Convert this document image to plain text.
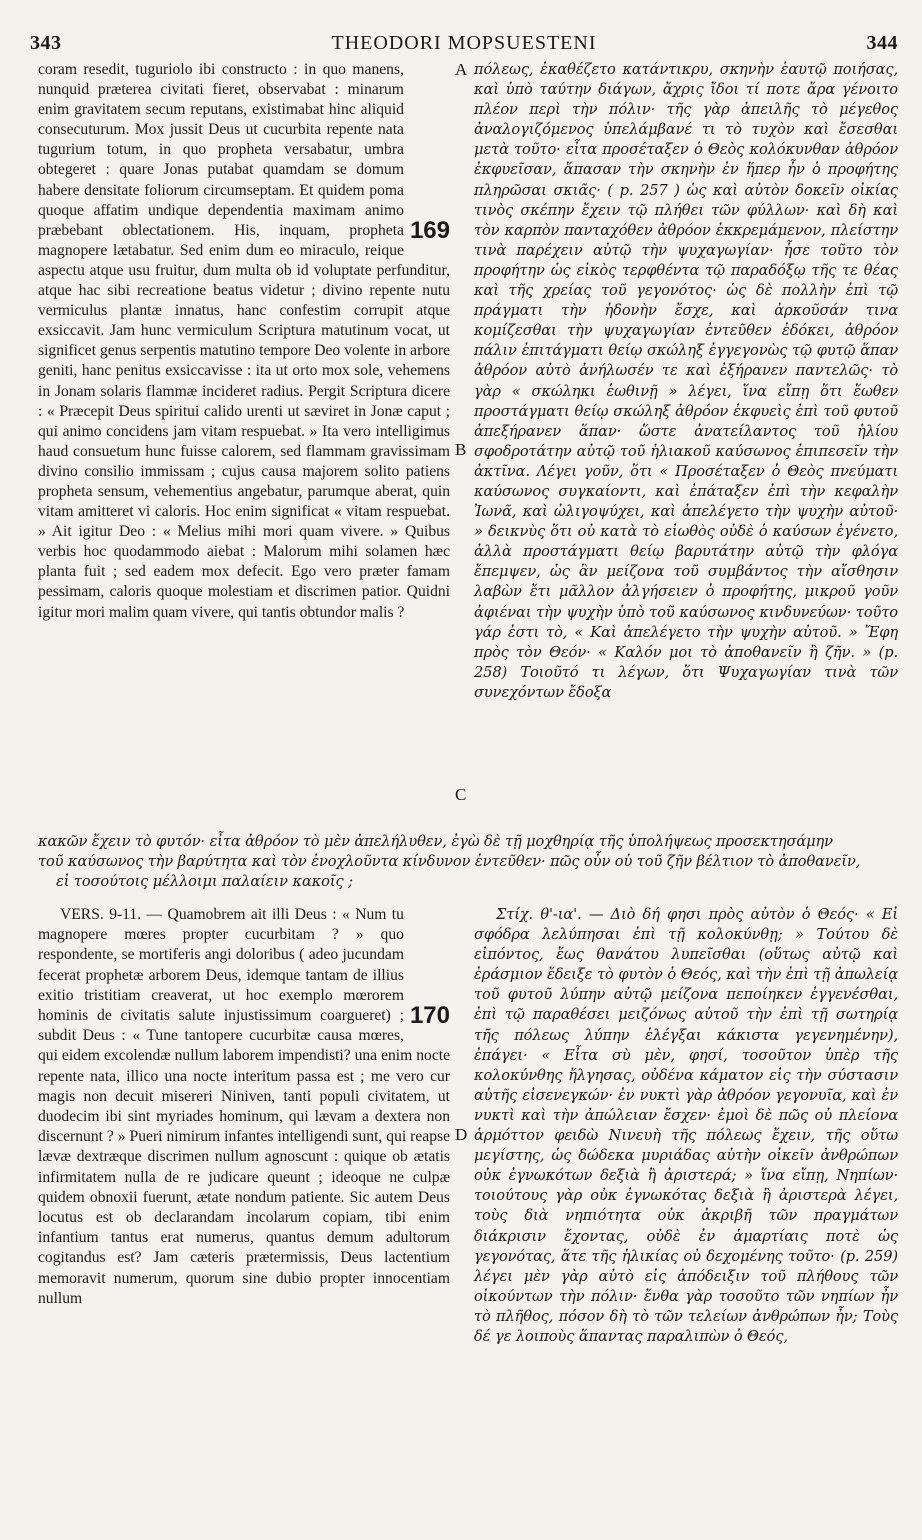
343	THEODORI MOPSUESTENI	344
169

coram resedit, tuguriolo ibi constructo : in quo manens, nunquid præterea civitati fieret, observabat : minarum enim gravitatem secum reputans, existimabat hinc aliquid consecuturum. Mox jussit Deus ut cucurbita repente nata tugurium totum, in quo propheta versabatur, umbra obtegeret : quare Jonas putabat quamdam se domum habere densitate foliorum circumseptam. Et quidem poma quoque affatim undique dependentia maximam animo præbebant oblectationem. His, inquam, propheta magnopere lætabatur. Sed enim dum eo miraculo, reique aspectu atque usu fruitur, dum multa ob id voluptate perfunditur, atque hac sibi recreatione beatus videtur ; divino repente nutu vermiculus plantæ innatus, hanc confestim corrupit atque exsiccavit. Jam hunc vermiculum Scriptura matutinum vocat, ut significet genus serpentis matutino tempore Deo volente in arbore geniti, hanc penitus exsiccavisse : ita ut orto mox sole, vehemens in Jonam solaris flammæ incideret radius. Pergit Scriptura dicere : « Præcepit Deus spiritui calido urenti ut sæviret in Jonæ caput ; qui animo concidens jam vitam respuebat. » Ita vero intelligimus haud consuetum hunc fuisse calorem, sed flammam gravissimam divino consilio immissam ; cujus causa majorem solito patiens propheta sensum, vehementius angebatur, parumque aberat, quin vitam amitteret vi caloris. Hoc enim significat « vitam respuebat. » Ait igitur Deo : « Melius mihi mori quam vivere. » Quibus verbis hoc quodammodo aiebat : Malorum mihi solamen hæc planta fuit ; sed eadem mox defecit. Ego vero præter famam pessimam, caloris quoque molestiam et discrimen patior. Quidni igitur mori malim quam vivere, qui tantis obtundor malis ?

πόλεως, ἐκαθέζετο κατάντικρυ, σκηνὴν ἑαυτῷ ποιήσας, καὶ ὑπὸ ταύτην διάγων, ἄχρις ἴδοι τί ποτε ἄρα γένοιτο πλέον περὶ τὴν πόλιν· τῆς γὰρ ἀπειλῆς τὸ μέγεθος ἀναλογιζόμενος ὑπελάμβανέ τι τὸ τυχὸν καὶ ἔσεσθαι μετὰ τοῦτο· εἶτα προσέταξεν ὁ Θεὸς κολόκυνθαν ἀθρόον ἐκφυεῖσαν, ἅπασαν τὴν σκηνὴν ἐν ἥπερ ἦν ὁ προφήτης πληρῶσαι σκιᾶς· ( p. 257 ) ὡς καὶ αὐτὸν δοκεῖν οἰκίας τινὸς σκέπην ἔχειν τῷ πλήθει τῶν φύλλων· καὶ δὴ καὶ τὸν καρπὸν πανταχόθεν ἀθρόον ἐκκρεμάμενον, πλείστην τινὰ παρέχειν αὐτῷ τὴν ψυχαγωγίαν· ἧσε τοῦτο τὸν προφήτην ὡς εἰκὸς τερφθέντα τῷ παραδόξῳ τῆς τε θέας καὶ τῆς χρείας τοῦ γεγονότος· ὡς δὲ πολλὴν ἐπὶ τῷ πράγματι τὴν ἡδονὴν ἔσχε, καὶ ἀρκοῦσάν τινα κομίζεσθαι τὴν ψυχαγωγίαν ἐντεῦθεν ἐδόκει, ἀθρόον πάλιν ἐπιτάγματι θείῳ σκώληξ ἐγγεγονὼς τῷ φυτῷ ἅπαν ἀθρόον αὐτὸ ἀνήλωσέν τε καὶ ἐξήρανεν παντελῶς· τὸ γὰρ « σκώληκι ἑωθινῇ » λέγει, ἵνα εἴπῃ ὅτι ἕωθεν προστάγματι θείῳ σκώληξ ἀθρόον ἐκφυεὶς ἐπὶ τοῦ φυτοῦ ἀπεξήρανεν ἅπαν· ὥστε ἀνατείλαντος τοῦ ἡλίου σφοδροτάτην αὐτῷ τοῦ ἡλιακοῦ καύσωνος ἐπιπεσεῖν τὴν ἀκτῖνα. Λέγει γοῦν, ὅτι « Προσέταξεν ὁ Θεὸς πνεύματι καύσωνος συγκαίοντι, καὶ ἐπάταξεν ἐπὶ τὴν κεφαλὴν Ἰωνᾶ, καὶ ὠλιγοψύχει, καὶ ἀπελέγετο τὴν ψυχὴν αὐτοῦ· » δεικνὺς ὅτι οὐ κατὰ τὸ εἰωθὸς οὐδὲ ὁ καύσων ἐγένετο, ἀλλὰ προστάγματι θείῳ βαρυτάτην αὐτῷ τὴν φλόγα ἔπεμψεν, ὡς ἂν μείζονα τοῦ συμβάντος τὴν αἴσθησιν λαβὼν ἔτι μᾶλλον ἀλγήσειεν ὁ προφήτης, μικροῦ γοῦν ἀφιέναι τὴν ψυχὴν ὑπὸ τοῦ καύσωνος κινδυνεύων· τοῦτο γάρ ἐστι τὸ, « Καὶ ἀπελέγετο τὴν ψυχὴν αὐτοῦ. » Ἔφη πρὸς τὸν Θεόν· « Καλόν μοι τὸ ἀποθανεῖν ἢ ζῆν. » (p. 258) Τοιοῦτό τι λέγων, ὅτι Ψυχαγωγίαν τινὰ τῶν συνεχόντων ἔδοξα

A
B
C
D
κακῶν ἔχειν τὸ φυτόν· εἶτα ἀθρόον τὸ μὲν ἀπελήλυθεν, ἐγὼ δὲ τῇ μοχθηρίᾳ τῆς ὑπολήψεως προσεκτησάμην
τοῦ καύσωνος τὴν βαρύτητα καὶ τὸν ἐνοχλοῦντα κίνδυνον ἐντεῦθεν· πῶς οὖν οὐ τοῦ ζῆν βέλτιον τὸ ἀποθανεῖν,
εἰ τοσούτοις μέλλοιμι παλαίειν κακοῖς ;
170

VERS. 9-11. — Quamobrem ait illi Deus : « Num tu magnopere mœres propter cucurbitam ? » quo respondente, se mortiferis angi doloribus ( adeo jucundam fecerat prophetæ arborem Deus, idemque tantam de illius exitio tristitiam creaverat, ut hoc exemplo mœrorem hominis de civitatis salute injustissimum coargueret) ; subdit Deus : « Tune tantopere cucurbitæ causa mœres, qui eidem excolendæ nullum laborem impendisti? una enim nocte repente nata, illico una nocte interitum passa est ; me vero cur magis non decuit misereri Niniven, tanti populi civitatem, ut duodecim ibi sint myriades hominum, qui lævam a dextera non discernunt ? » Pueri nimirum infantes intelligendi sunt, qui reapse lævæ dextræque discrimen nullum agnoscunt : quique ob ætatis infirmitatem nulla de re judicare queunt ; ideoque ne culpæ quidem obnoxii fuerunt, ætate nondum patiente. Sic autem Deus locutus est ob declarandam incolarum copiam, tibi enim infantium tantus erat numerus, quantus demum adultorum cogitandus est? Jam cæteris prætermissis, Deus lactentium memoravit numerum, quorum sine dubio propter innocentiam nullum

Στίχ. θ'-ια'. — Διὸ δή φησι πρὸς αὐτὸν ὁ Θεός· « Εἰ σφόδρα λελύπησαι ἐπὶ τῇ κολοκύνθῃ; » Τούτου δὲ εἰπόντος, ἕως θανάτου λυπεῖσθαι (οὕτως αὐτῷ καὶ ἐράσμιον ἔδειξε τὸ φυτὸν ὁ Θεός, καὶ τὴν ἐπὶ τῇ ἀπωλείᾳ τοῦ φυτοῦ λύπην αὐτῷ μείζονα πεποίηκεν ἐγγενέσθαι, ἐπὶ τῷ παραθέσει μειζόνως αὐτοῦ τὴν ἐπὶ τῇ σωτηρίᾳ τῆς πόλεως λύπην ἐλέγξαι κάκιστα γεγενημένην), ἐπάγει· « Εἶτα σὺ μὲν, φησί, τοσοῦτον ὑπὲρ τῆς κολοκύνθης ἤλγησας, οὐδένα κάματον εἰς τὴν σύστασιν αὐτῆς εἰσενεγκών· ἐν νυκτὶ γὰρ ἀθρόον γεγονυῖα, καὶ ἐν νυκτὶ καὶ τὴν ἀπώλειαν ἔσχεν· ἐμοὶ δὲ πῶς οὐ πλείονα ἁρμόττον φειδὼ Νινευὴ τῆς πόλεως ἔχειν, τῆς οὕτω μεγίστης, ὡς δώδεκα μυριάδας αὐτὴν οἰκεῖν ἀνθρώπων οὐκ ἐγνωκότων δεξιὰ ἢ ἀριστερά; » ἵνα εἴπῃ, Νηπίων· τοιούτους γὰρ οὐκ ἐγνωκότας δεξιὰ ἢ ἀριστερὰ λέγει, τοὺς διὰ νηπιότητα οὐκ ἀκριβῆ τῶν πραγμάτων διάκρισιν ἔχοντας, οὐδὲ ἐν ἁμαρτίαις ποτὲ ὡς γεγονότας, ἅτε τῆς ἡλικίας οὐ δεχομένης τοῦτο· (p. 259) λέγει μὲν γὰρ αὐτὸ εἰς ἀπόδειξιν τοῦ πλήθους τῶν οἰκούντων τὴν πόλιν· ἔνθα γὰρ τοσοῦτο τῶν νηπίων ἦν τὸ πλῆθος, πόσον δὴ τὸ τῶν τελείων ἀνθρώπων ἦν; Τοὺς δέ γε λοιποὺς ἅπαντας παραλιπὼν ὁ Θεός,
